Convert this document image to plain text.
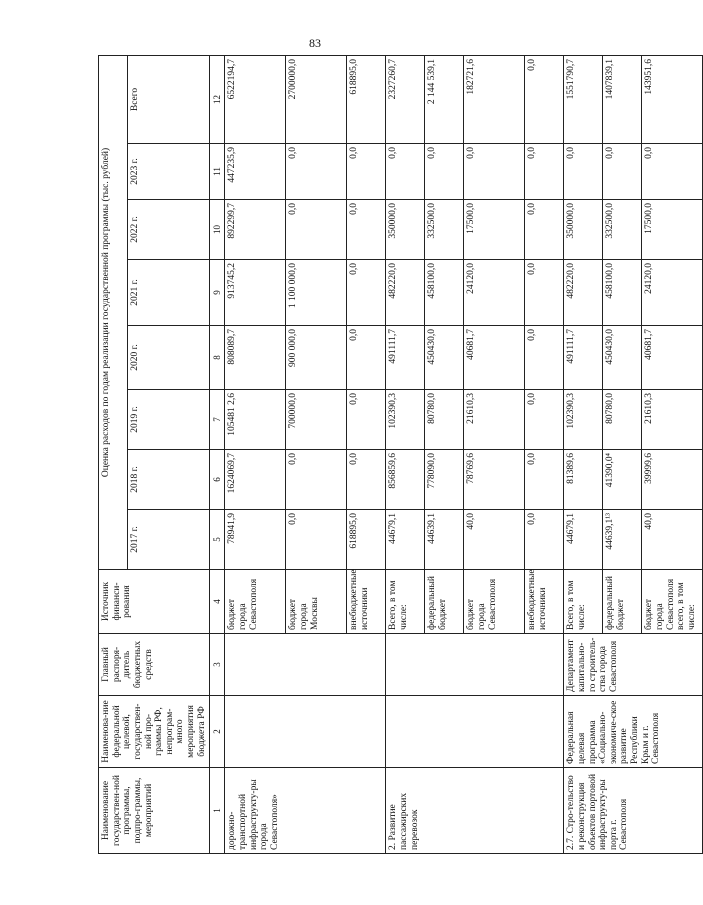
83
Наименование государствен-ной программы, подпро-граммы, мероприятий	Наименова-ние федеральной целевой, государствен-ной про-граммы РФ, непрограм-много мероприятия бюджета РФ	Главный распоря-дитель бюджетных средств	Источник финанси-рования	Оценка расходов по годам реализации государственной программы (тыс. рублей)							
				2017 г.	2018 г.	2019 г.	2020 г.	2021 г.	2022 г.	2023 г.	Всего
1	2	3	4	5	6	7	8	9	10	11	12
дорожно-транспортной инфраструкту-ры города Севастополя»			бюджет города Севастополя	78941,9	1624069,7	105481 2,6	808089,7	913745,2	892299,7	447235,9	6522194,7
			бюджет города Москвы	0,0	0,0	700000,0	900 000,0	1 100 000,0	0,0	0,0	2700000,0
			внебюджетные источники	618895,0	0,0	0,0	0,0	0,0	0,0	0,0	618895,0
2. Развитие пассажирских перевозок			Всего, в том числе:	44679,1	856859,6	102390,3	491111,7	482220,0	350000,0	0,0	2327260,7
			федеральный бюджет	44639,1	778090,0	80780,0	450430,0	458100,0	332500,0	0,0	2 144 539,1
			бюджет города Севастополя	40,0	78769,6	21610,3	40681,7	24120,0	17500,0	0,0	182721,6
			внебюджетные источники	0,0	0,0	0,0	0,0	0,0	0,0	0,0	0,0
2.7. Стро-тельство и реконструкция объектов портовой инфраструкту-ры порта г. Севастополя	Федеральная целевая программа «Социально-экономиче-ское развитие Республики Крым и г. Севастополя	Департамент капитально-го строитель-ства города Севастополя	Всего, в том числе:	44679,1	81389,6	102390,3	491111,7	482220,0	350000,0	0,0	1551790,7
			федеральный бюджет	44639,1¹³	41390,0⁴	80780,0	450430,0	458100,0	332500,0	0,0	1407839,1
			бюджет города Севастополя всего, в том числе:	40,0	39999,6	21610,3	40681,7	24120,0	17500,0	0,0	143951,6
